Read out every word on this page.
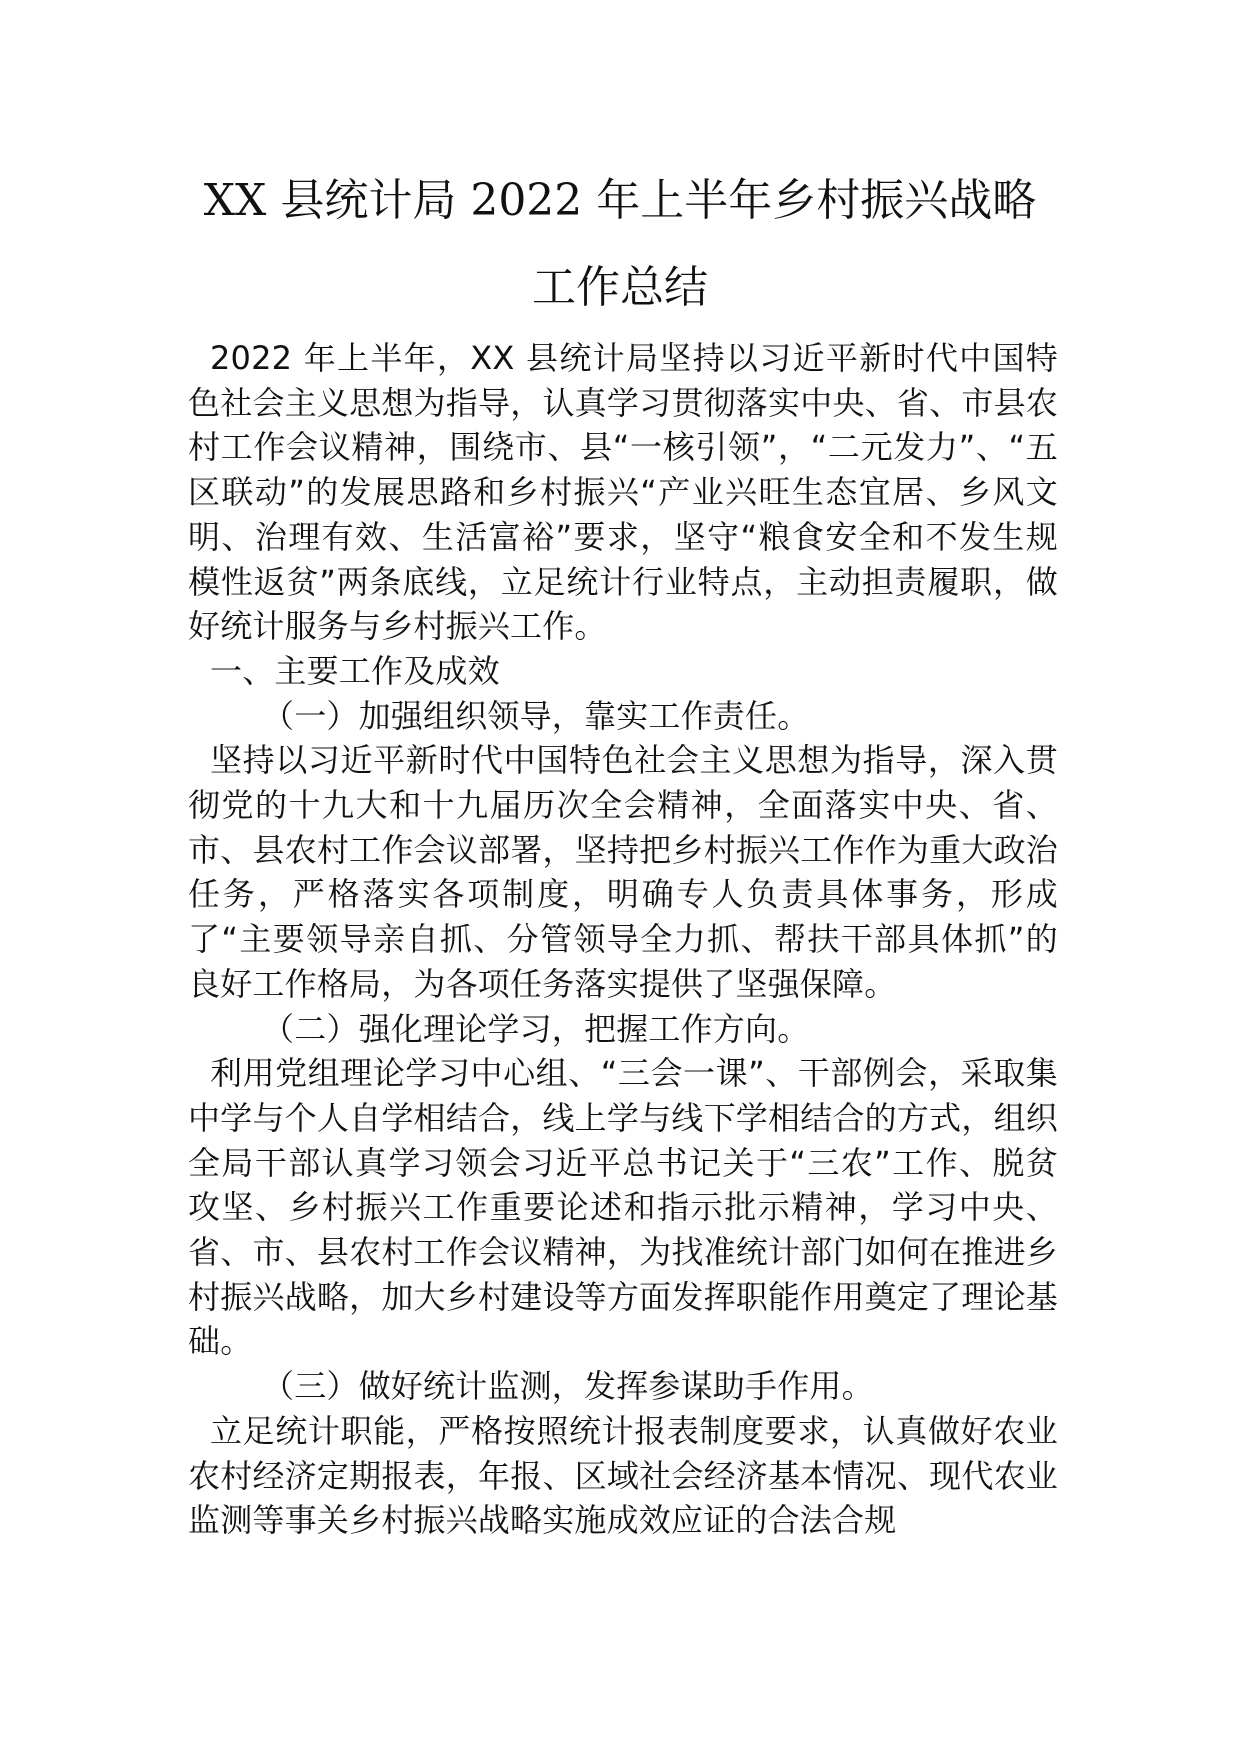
XX 县统计局 2022 年上半年乡村振兴战略
工作总结

2022 年上半年，XX 县统计局坚持以习近平新时代中国特色社会主义思想为指导，认真学习贯彻落实中央、省、市县农村工作会议精神，围绕市、县“一核引领”，“二元发力”、“五区联动”的发展思路和乡村振兴“产业兴旺生态宜居、乡风文明、治理有效、生活富裕”要求，坚守“粮食安全和不发生规模性返贫”两条底线，立足统计行业特点，主动担责履职，做好统计服务与乡村振兴工作。

一、主要工作及成效

（一）加强组织领导，靠实工作责任。

坚持以习近平新时代中国特色社会主义思想为指导，深入贯彻党的十九大和十九届历次全会精神，全面落实中央、省、市、县农村工作会议部署，坚持把乡村振兴工作作为重大政治任务，严格落实各项制度，明确专人负责具体事务，形成了“主要领导亲自抓、分管领导全力抓、帮扶干部具体抓”的良好工作格局，为各项任务落实提供了坚强保障。

（二）强化理论学习，把握工作方向。

利用党组理论学习中心组、“三会一课”、干部例会，采取集中学与个人自学相结合，线上学与线下学相结合的方式，组织全局干部认真学习领会习近平总书记关于“三农”工作、脱贫攻坚、乡村振兴工作重要论述和指示批示精神，学习中央、省、市、县农村工作会议精神，为找准统计部门如何在推进乡村振兴战略，加大乡村建设等方面发挥职能作用奠定了理论基础。

（三）做好统计监测，发挥参谋助手作用。

立足统计职能，严格按照统计报表制度要求，认真做好农业农村经济定期报表，年报、区域社会经济基本情况、现代农业监测等事关乡村振兴战略实施成效应证的合法合规
